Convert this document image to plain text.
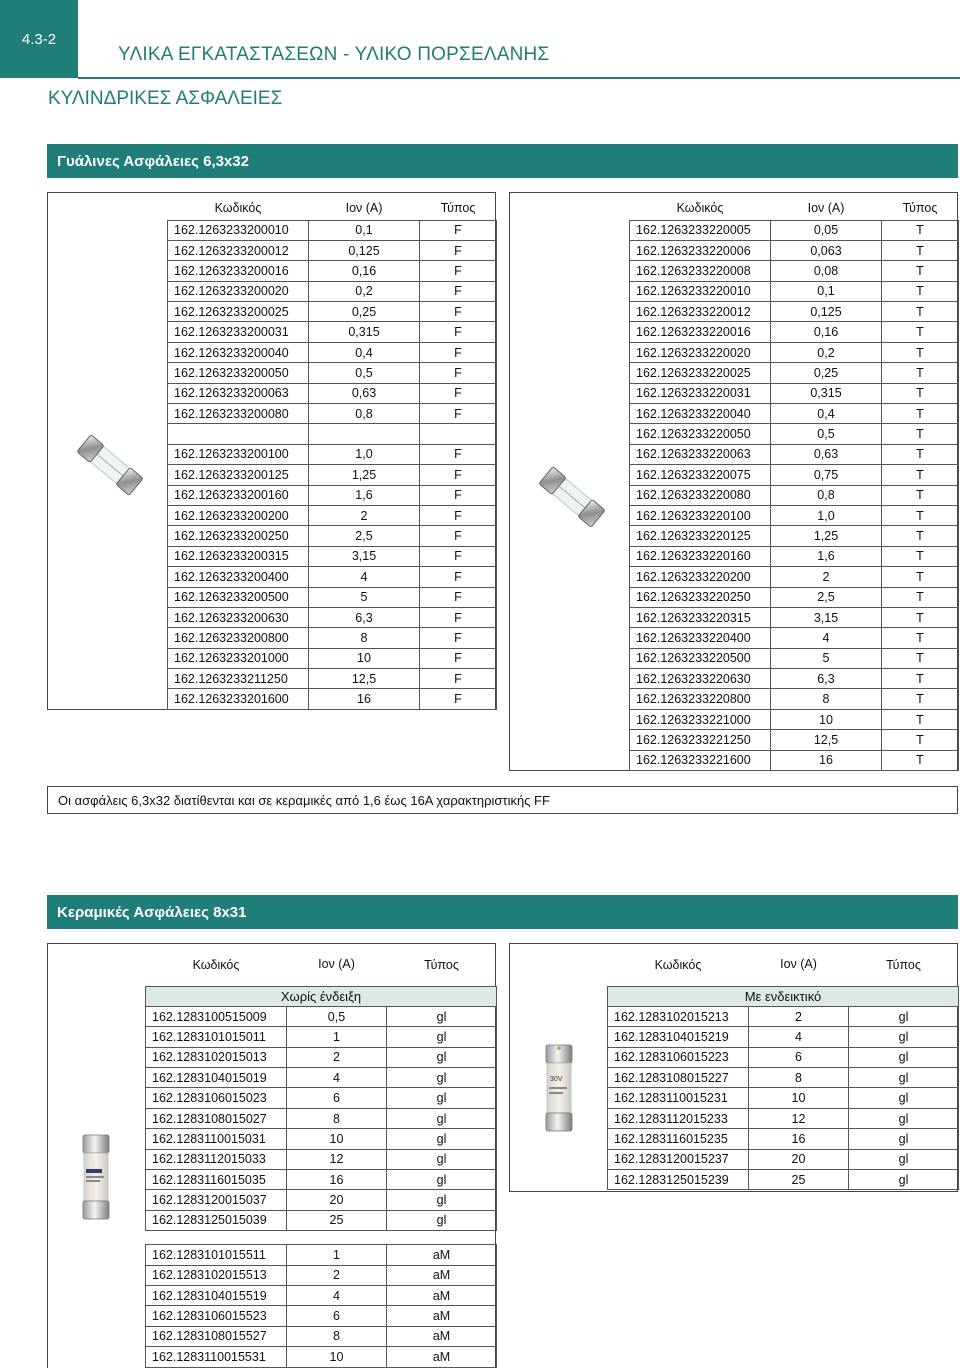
4.3-2
ΥΛΙΚΑ ΕΓΚΑΤΑΣΤΑΣΕΩΝ - ΥΛΙΚΟ ΠΟΡΣΕΛΑΝΗΣ
ΚΥΛΙΝΔΡΙΚΕΣ ΑΣΦΑΛΕΙΕΣ
Γυάλινες Ασφάλειες 6,3x32
Κωδικός	Ιον (Α)	Τύπος
162.1263233200010	0,1	F
162.1263233200012	0,125	F
162.1263233200016	0,16	F
162.1263233200020	0,2	F
162.1263233200025	0,25	F
162.1263233200031	0,315	F
162.1263233200040	0,4	F
162.1263233200050	0,5	F
162.1263233200063	0,63	F
162.1263233200080	0,8	F

162.1263233200100	1,0	F
162.1263233200125	1,25	F
162.1263233200160	1,6	F
162.1263233200200	2	F
162.1263233200250	2,5	F
162.1263233200315	3,15	F
162.1263233200400	4	F
162.1263233200500	5	F
162.1263233200630	6,3	F
162.1263233200800	8	F
162.1263233201000	10	F
162.1263233211250	12,5	F
162.1263233201600	16	F
Κωδικός	Ιον (Α)	Τύπος
162.1263233220005	0,05	T
162.1263233220006	0,063	T
162.1263233220008	0,08	T
162.1263233220010	0,1	T
162.1263233220012	0,125	T
162.1263233220016	0,16	T
162.1263233220020	0,2	T
162.1263233220025	0,25	T
162.1263233220031	0,315	T
162.1263233220040	0,4	T
162.1263233220050	0,5	T
162.1263233220063	0,63	T
162.1263233220075	0,75	T
162.1263233220080	0,8	T
162.1263233220100	1,0	T
162.1263233220125	1,25	T
162.1263233220160	1,6	T
162.1263233220200	2	T
162.1263233220250	2,5	T
162.1263233220315	3,15	T
162.1263233220400	4	T
162.1263233220500	5	T
162.1263233220630	6,3	T
162.1263233220800	8	T
162.1263233221000	10	T
162.1263233221250	12,5	T
162.1263233221600	16	T
Οι ασφάλεις 6,3x32 διατίθενται και σε κεραμικές από 1,6 έως 16Α χαρακτηριστικής FF
Κεραμικές Ασφάλειες 8x31
Κωδικός	Ιον (Α)	Τύπος
Χωρίς ένδειξη		
162.1283100515009	0,5	gl
162.1283101015011	1	gl
162.1283102015013	2	gl
162.1283104015019	4	gl
162.1283106015023	6	gl
162.1283108015027	8	gl
162.1283110015031	10	gl
162.1283112015033	12	gl
162.1283116015035	16	gl
162.1283120015037	20	gl
162.1283125015039	25	gl

162.1283101015511	1	aM
162.1283102015513	2	aM
162.1283104015519	4	aM
162.1283106015523	6	aM
162.1283108015527	8	aM
162.1283110015531	10	aM
30V
Κωδικός	Ιον (Α)	Τύπος
Με ενδεικτικό		
162.1283102015213	2	gl
162.1283104015219	4	gl
162.1283106015223	6	gl
162.1283108015227	8	gl
162.1283110015231	10	gl
162.1283112015233	12	gl
162.1283116015235	16	gl
162.1283120015237	20	gl
162.1283125015239	25	gl
